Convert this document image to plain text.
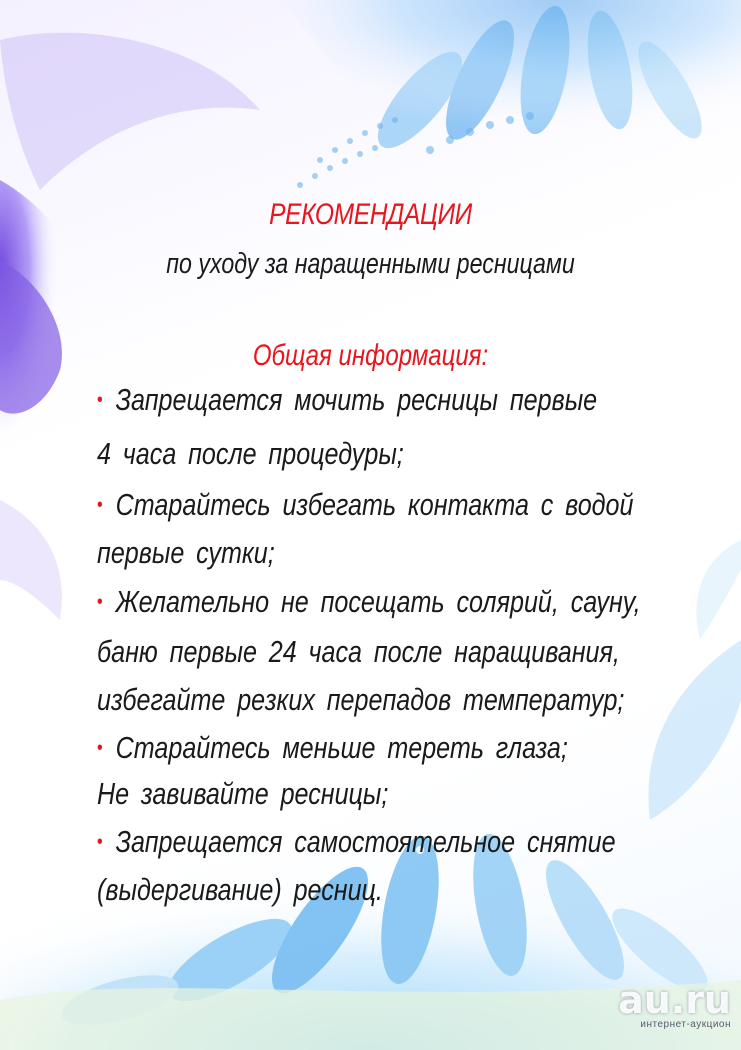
РЕКОМЕНДАЦИИ

по уходу за нарaщенными ресницами

Общая информация:

• Запрещается мочить ресницы первые

4 часа после процедуры;

• Старайтесь избегать контакта с водой

первые сутки;

• Желательно не посещать солярий, сауну,

баню первые 24 часа после наращивания,

избегайте резких перепадов температур;

• Старайтесь меньше тереть глаза;

Не завивайте ресницы;

• Запрещается самостоятельное снятие

(выдергивание) ресниц.

au.ru
интернет-аукцион
